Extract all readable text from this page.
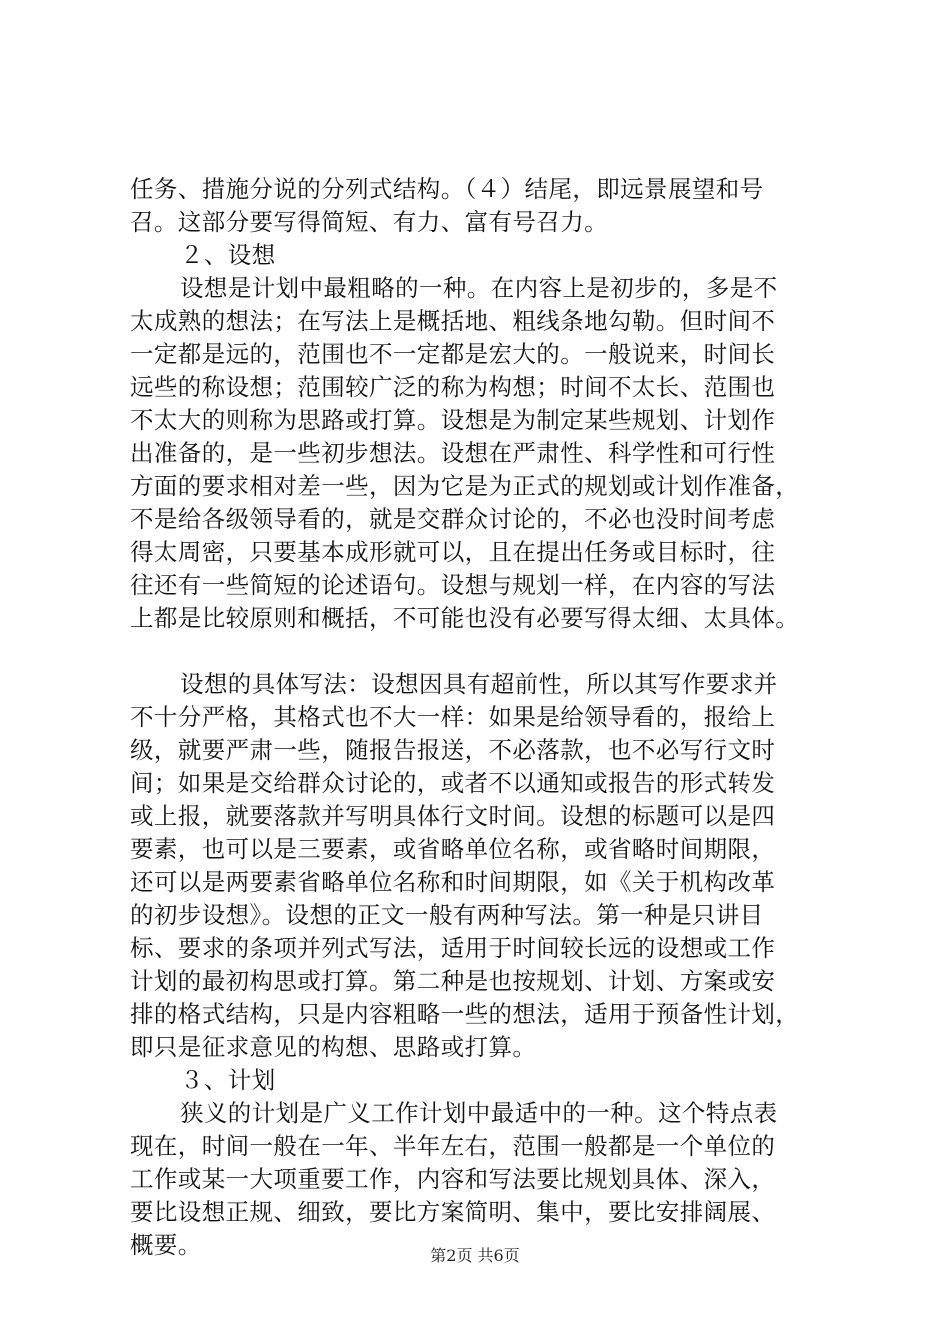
任务、措施分说的分列式结构。（４）结尾，即远景展望和号
召。这部分要写得简短、有力、富有号召力。
２、设想
设想是计划中最粗略的一种。在内容上是初步的，多是不
太成熟的想法；在写法上是概括地、粗线条地勾勒。但时间不
一定都是远的，范围也不一定都是宏大的。一般说来，时间长
远些的称设想；范围较广泛的称为构想；时间不太长、范围也
不太大的则称为思路或打算。设想是为制定某些规划、计划作
出准备的，是一些初步想法。设想在严肃性、科学性和可行性
方面的要求相对差一些，因为它是为正式的规划或计划作准备，
不是给各级领导看的，就是交群众讨论的，不必也没时间考虑
得太周密，只要基本成形就可以，且在提出任务或目标时，往
往还有一些简短的论述语句。设想与规划一样，在内容的写法
上都是比较原则和概括，不可能也没有必要写得太细、太具体。
设想的具体写法：设想因具有超前性，所以其写作要求并
不十分严格，其格式也不大一样：如果是给领导看的，报给上
级，就要严肃一些，随报告报送，不必落款，也不必写行文时
间；如果是交给群众讨论的，或者不以通知或报告的形式转发
或上报，就要落款并写明具体行文时间。设想的标题可以是四
要素，也可以是三要素，或省略单位名称，或省略时间期限，
还可以是两要素省略单位名称和时间期限，如《关于机构改革
的初步设想》。设想的正文一般有两种写法。第一种是只讲目
标、要求的条项并列式写法，适用于时间较长远的设想或工作
计划的最初构思或打算。第二种是也按规划、计划、方案或安
排的格式结构，只是内容粗略一些的想法，适用于预备性计划，
即只是征求意见的构想、思路或打算。
３、计划
狭义的计划是广义工作计划中最适中的一种。这个特点表
现在，时间一般在一年、半年左右，范围一般都是一个单位的
工作或某一大项重要工作，内容和写法要比规划具体、深入，
要比设想正规、细致，要比方案简明、集中，要比安排阔展、
概要。	第2页 共6页
